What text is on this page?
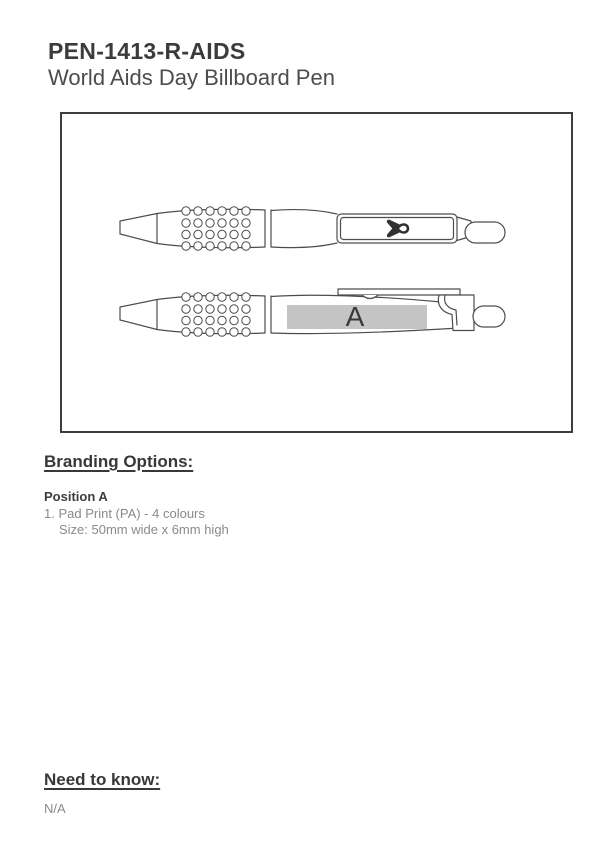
PEN-1413-R-AIDS
World Aids Day Billboard Pen
A
Branding Options:
Position A
1. Pad Print (PA) - 4 colours
Size: 50mm wide x 6mm high
Need to know:
N/A
